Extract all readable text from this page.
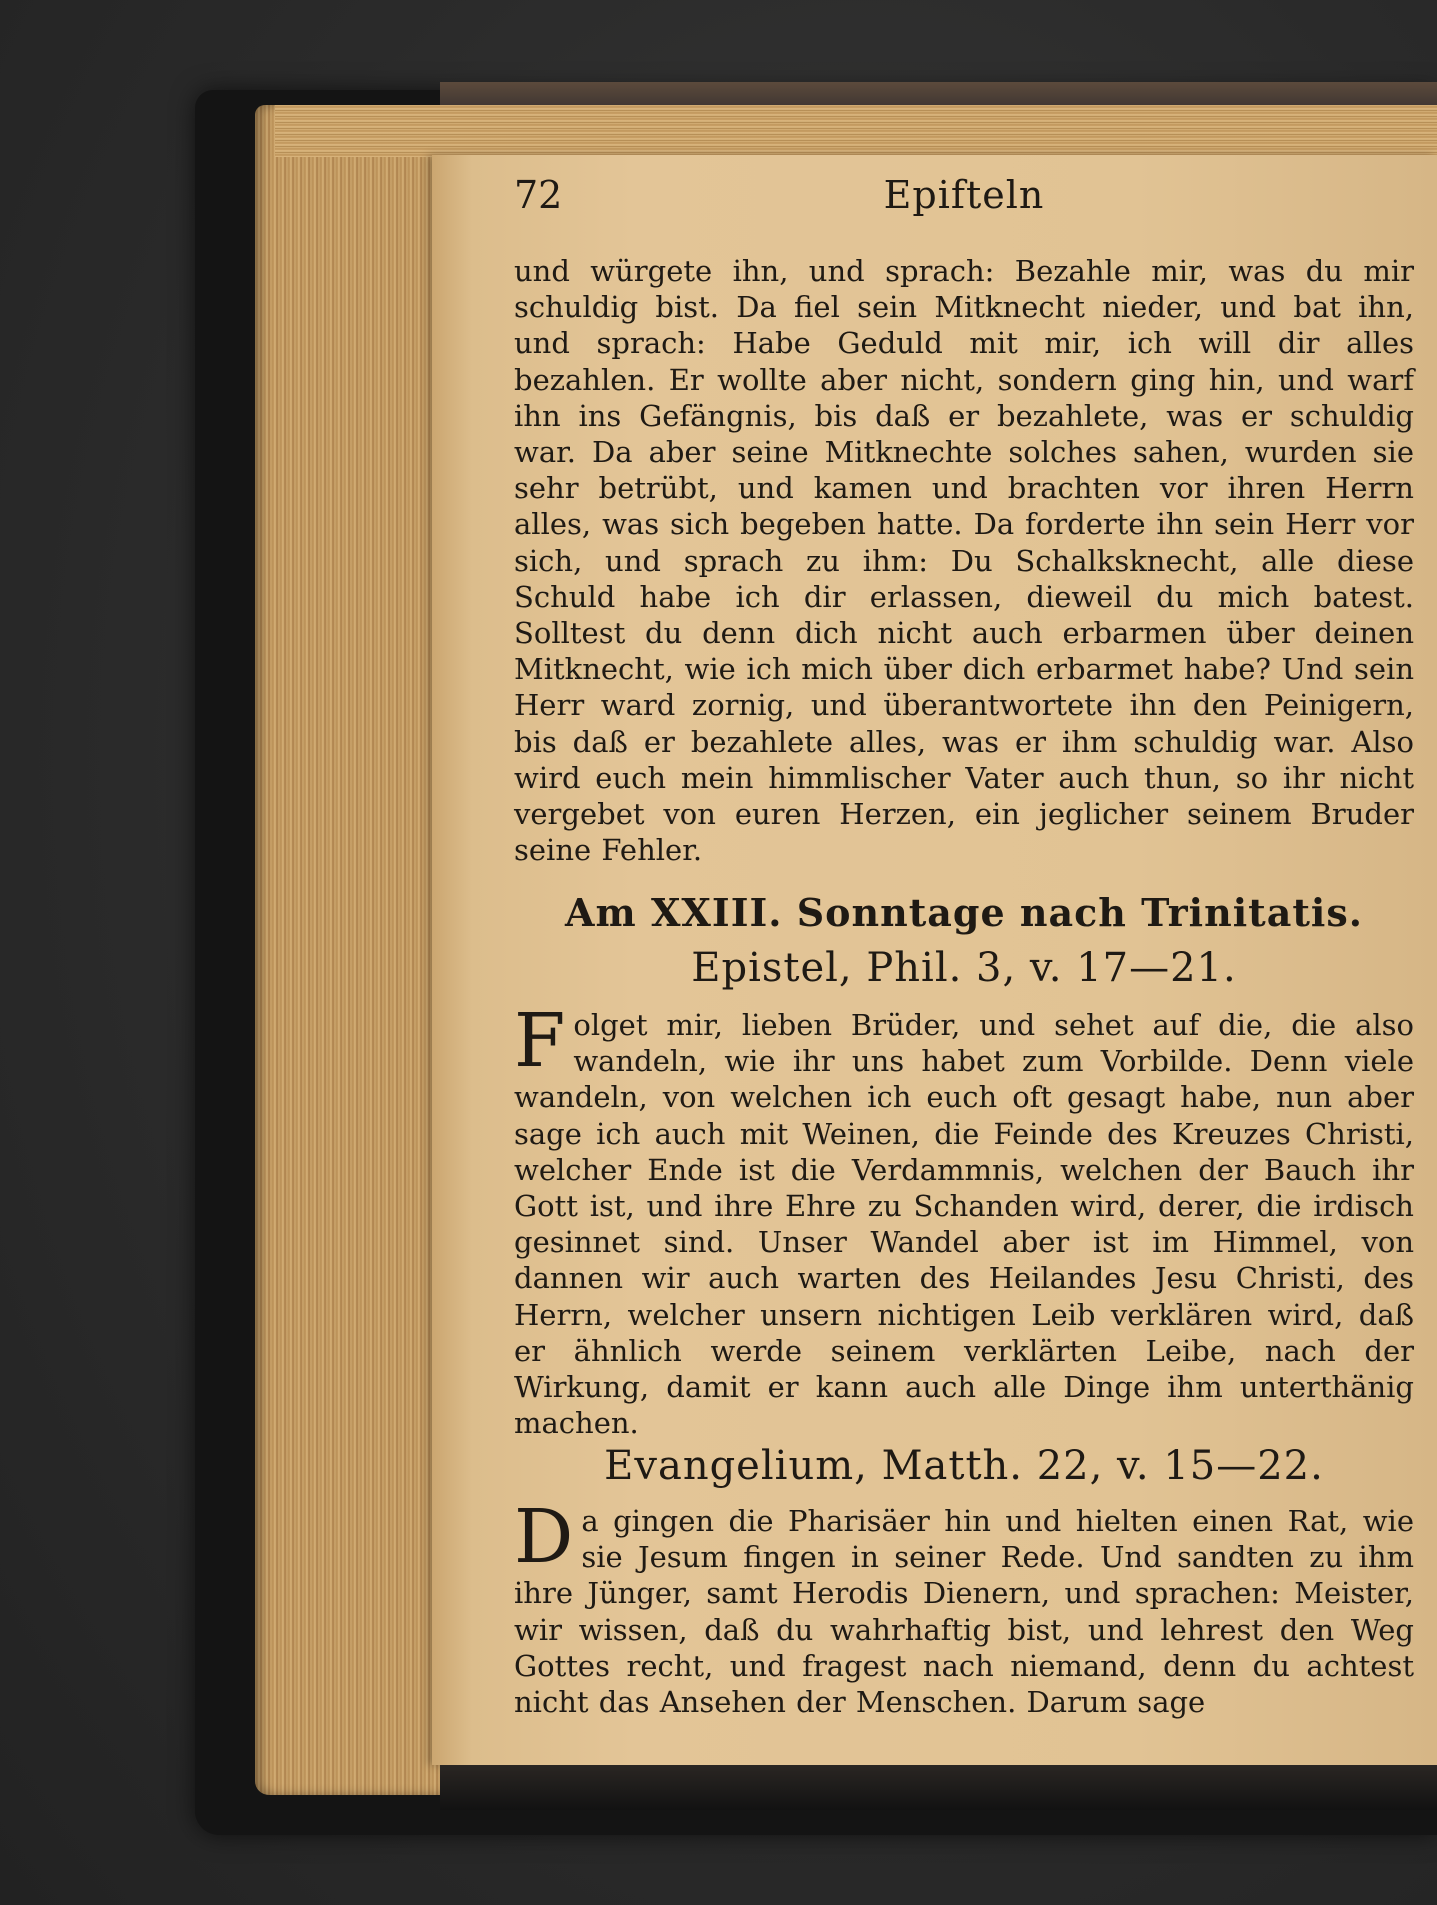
72	Epifteln
und würgete ihn, und sprach: Bezahle mir, was du mir schuldig bist. Da fiel sein Mitknecht nieder, und bat ihn, und sprach: Habe Geduld mit mir, ich will dir alles bezahlen. Er wollte aber nicht, sondern ging hin, und warf ihn ins Gefängnis, bis daß er bezahlete, was er schuldig war. Da aber seine Mitknechte solches sahen, wurden sie sehr betrübt, und kamen und brachten vor ihren Herrn alles, was sich begeben hatte. Da forderte ihn sein Herr vor sich, und sprach zu ihm: Du Schalksknecht, alle diese Schuld habe ich dir erlassen, dieweil du mich batest. Solltest du denn dich nicht auch erbarmen über deinen Mitknecht, wie ich mich über dich erbarmet habe? Und sein Herr ward zornig, und überantwortete ihn den Peinigern, bis daß er bezahlete alles, was er ihm schuldig war. Also wird euch mein himmlischer Vater auch thun, so ihr nicht vergebet von euren Herzen, ein jeglicher seinem Bruder seine Fehler.
Am XXIII. Sonntage nach Trinitatis.
Epistel, Phil. 3, v. 17—21.
Folget mir, lieben Brüder, und sehet auf die, die also wandeln, wie ihr uns habet zum Vorbilde. Denn viele wandeln, von welchen ich euch oft gesagt habe, nun aber sage ich auch mit Weinen, die Feinde des Kreuzes Christi, welcher Ende ist die Verdammnis, welchen der Bauch ihr Gott ist, und ihre Ehre zu Schanden wird, derer, die irdisch gesinnet sind. Unser Wandel aber ist im Himmel, von dannen wir auch warten des Heilandes Jesu Christi, des Herrn, welcher unsern nichtigen Leib verklären wird, daß er ähnlich werde seinem verklärten Leibe, nach der Wirkung, damit er kann auch alle Dinge ihm unterthänig machen.
Evangelium, Matth. 22, v. 15—22.
Da gingen die Pharisäer hin und hielten einen Rat, wie sie Jesum fingen in seiner Rede. Und sandten zu ihm ihre Jünger, samt Herodis Dienern, und sprachen: Meister, wir wissen, daß du wahrhaftig bist, und lehrest den Weg Gottes recht, und fragest nach niemand, denn du achtest nicht das Ansehen der Menschen. Darum sage
